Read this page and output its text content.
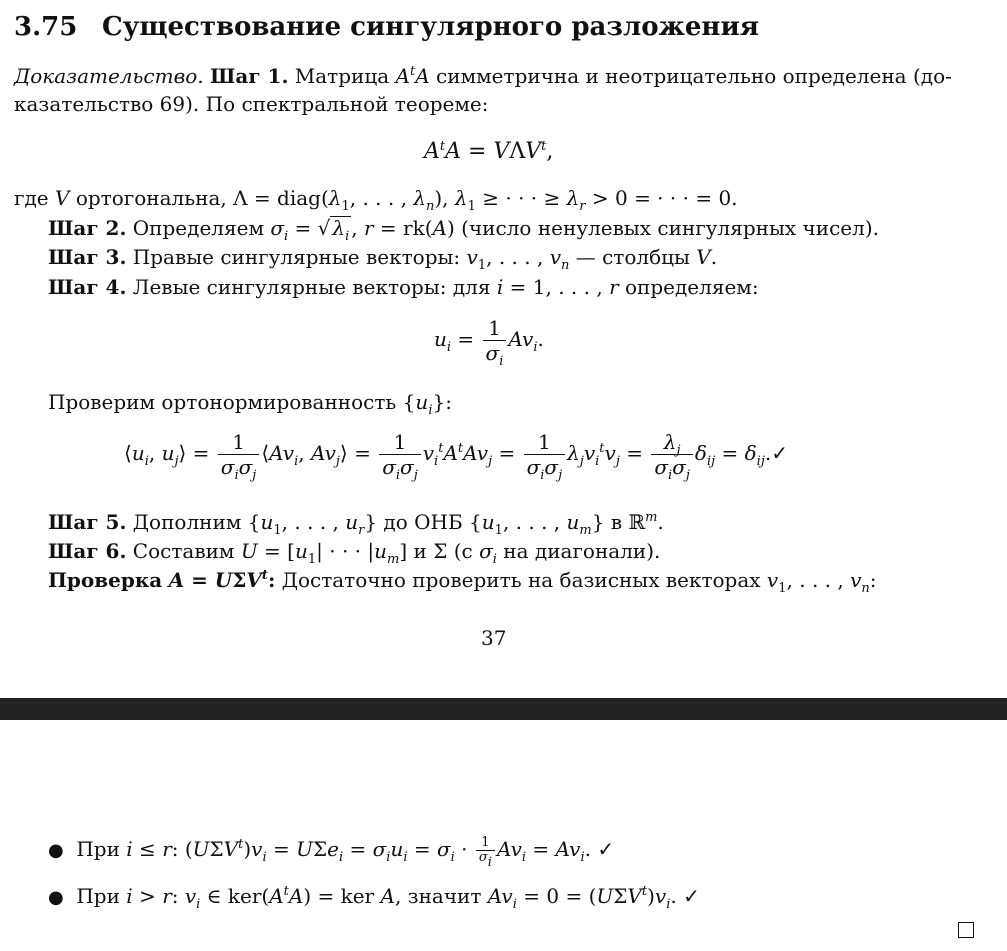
3.75 Существование сингулярного разложения
Доказательство. Шаг 1. Матрица $A^tA$ симметрична и неотрицательно определена (до-
казательство 69). По спектральной теореме:
$A^tA = V\Lambda V^t$,
где V ортогональна, $\Lambda = diag(\lambda_1$, . . . , $\lambda_n$), $\lambda_1$ ≥ · · · ≥ $\lambda_r > 0$ = · · · = 0.
Шаг 2. Определяем $\sigma_i$ = √ $\lambda_i$ , r = rk(A) (число ненулевых сингулярных чисел).
Шаг 3. Правые сингулярные векторы: $v_1$, . . . , $v_n$ — столбцы V.
Шаг 4. Левые сингулярные векторы: для i = 1, . . . , r определяем:
$u_i = \frac{1}{\sigma_i} Av_i$.
Проверим ортонормированность $\{u_i\}$:
$⟨u_i$, $u_j⟩ = \frac{1}{\sigma_i\sigma_j}$ $⟨Av_i$, $Av_j⟩ = \frac{1}{\sigma_i\sigma_j} v_i^tA^tAv_j = \frac{1}{\sigma_i\sigma_j} \lambda_jv_i^tv_j = \frac{\lambda_j}{\sigma_i\sigma_j} \delta_{ij}$ = $\delta_{ij}.✓$
Шаг 5. Дополним {$u_1$, . . . , $u_r$} до ОНБ {$u_1$, . . . , $u_m$} в ℝ$^m$.
Шаг 6. Составим $U = [u_1|$ · · · $|u_m$] и Σ (с $\sigma_i$ на диагонали).
Проверка $A = U\Sigma V^t$: Достаточно проверить на базисных векторах $v_1$, . . . , $v_n$:
37
● При i ≤ r: $(U\Sigma V^t)v_i = U\Sigma e_i = \sigma_iu_i = \sigma_i \cdot \frac{1}{\sigma_i} Av_i = Av_i$. ✓
● При i > r: $v_i$ ∈ $ker(A^tA)$ = ker A, значит $Av_i = 0 = (U\Sigma V^t)v_i$. ✓
